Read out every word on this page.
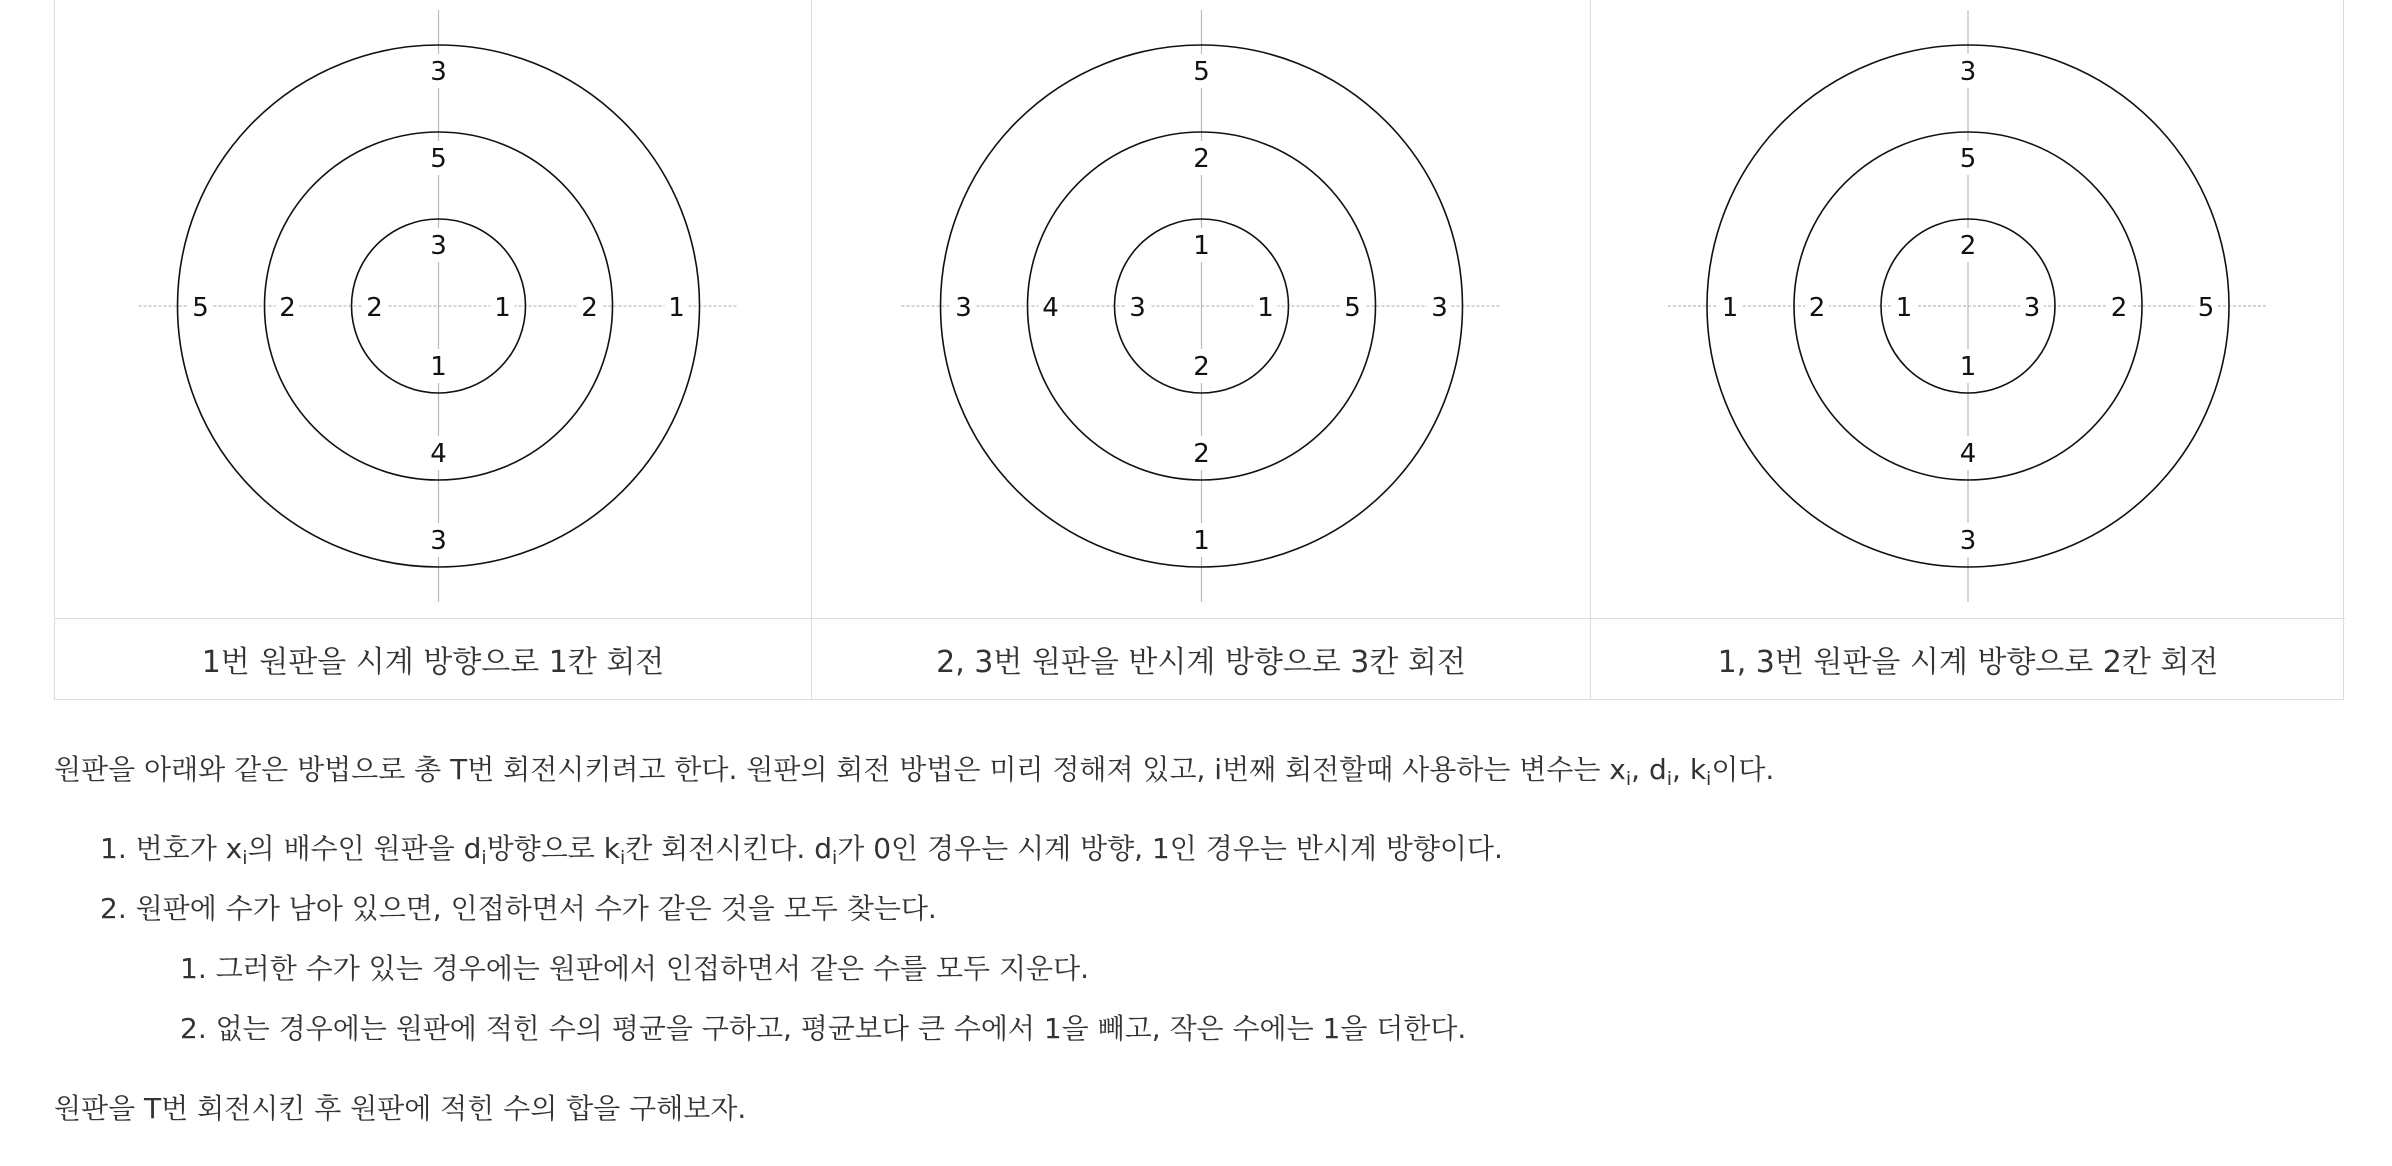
3
1
1
2
5
2
4
2
3
1
3
5
1
1
2
3
2
5
2
4
5
3
1
3
2
3
1
1
5
2
4
2
3
5
3
1
1번 원판을 시계 방향으로 1칸 회전	2, 3번 원판을 반시계 방향으로 3칸 회전	1, 3번 원판을 시계 방향으로 2칸 회전
원판을 아래와 같은 방법으로 총 T번 회전시키려고 한다. 원판의 회전 방법은 미리 정해져 있고, i번째 회전할때 사용하는 변수는 $x_i$, $d_i$, $k_i$이다.
1. 번호가 $x_i$의 배수인 원판을 $d_i$방향으로 $k_i$칸 회전시킨다. $d_i$가 0인 경우는 시계 방향, 1인 경우는 반시계 방향이다.
2. 원판에 수가 남아 있으면, 인접하면서 수가 같은 것을 모두 찾는다.
1. 그러한 수가 있는 경우에는 원판에서 인접하면서 같은 수를 모두 지운다.
2. 없는 경우에는 원판에 적힌 수의 평균을 구하고, 평균보다 큰 수에서 1을 빼고, 작은 수에는 1을 더한다.
원판을 T번 회전시킨 후 원판에 적힌 수의 합을 구해보자.
